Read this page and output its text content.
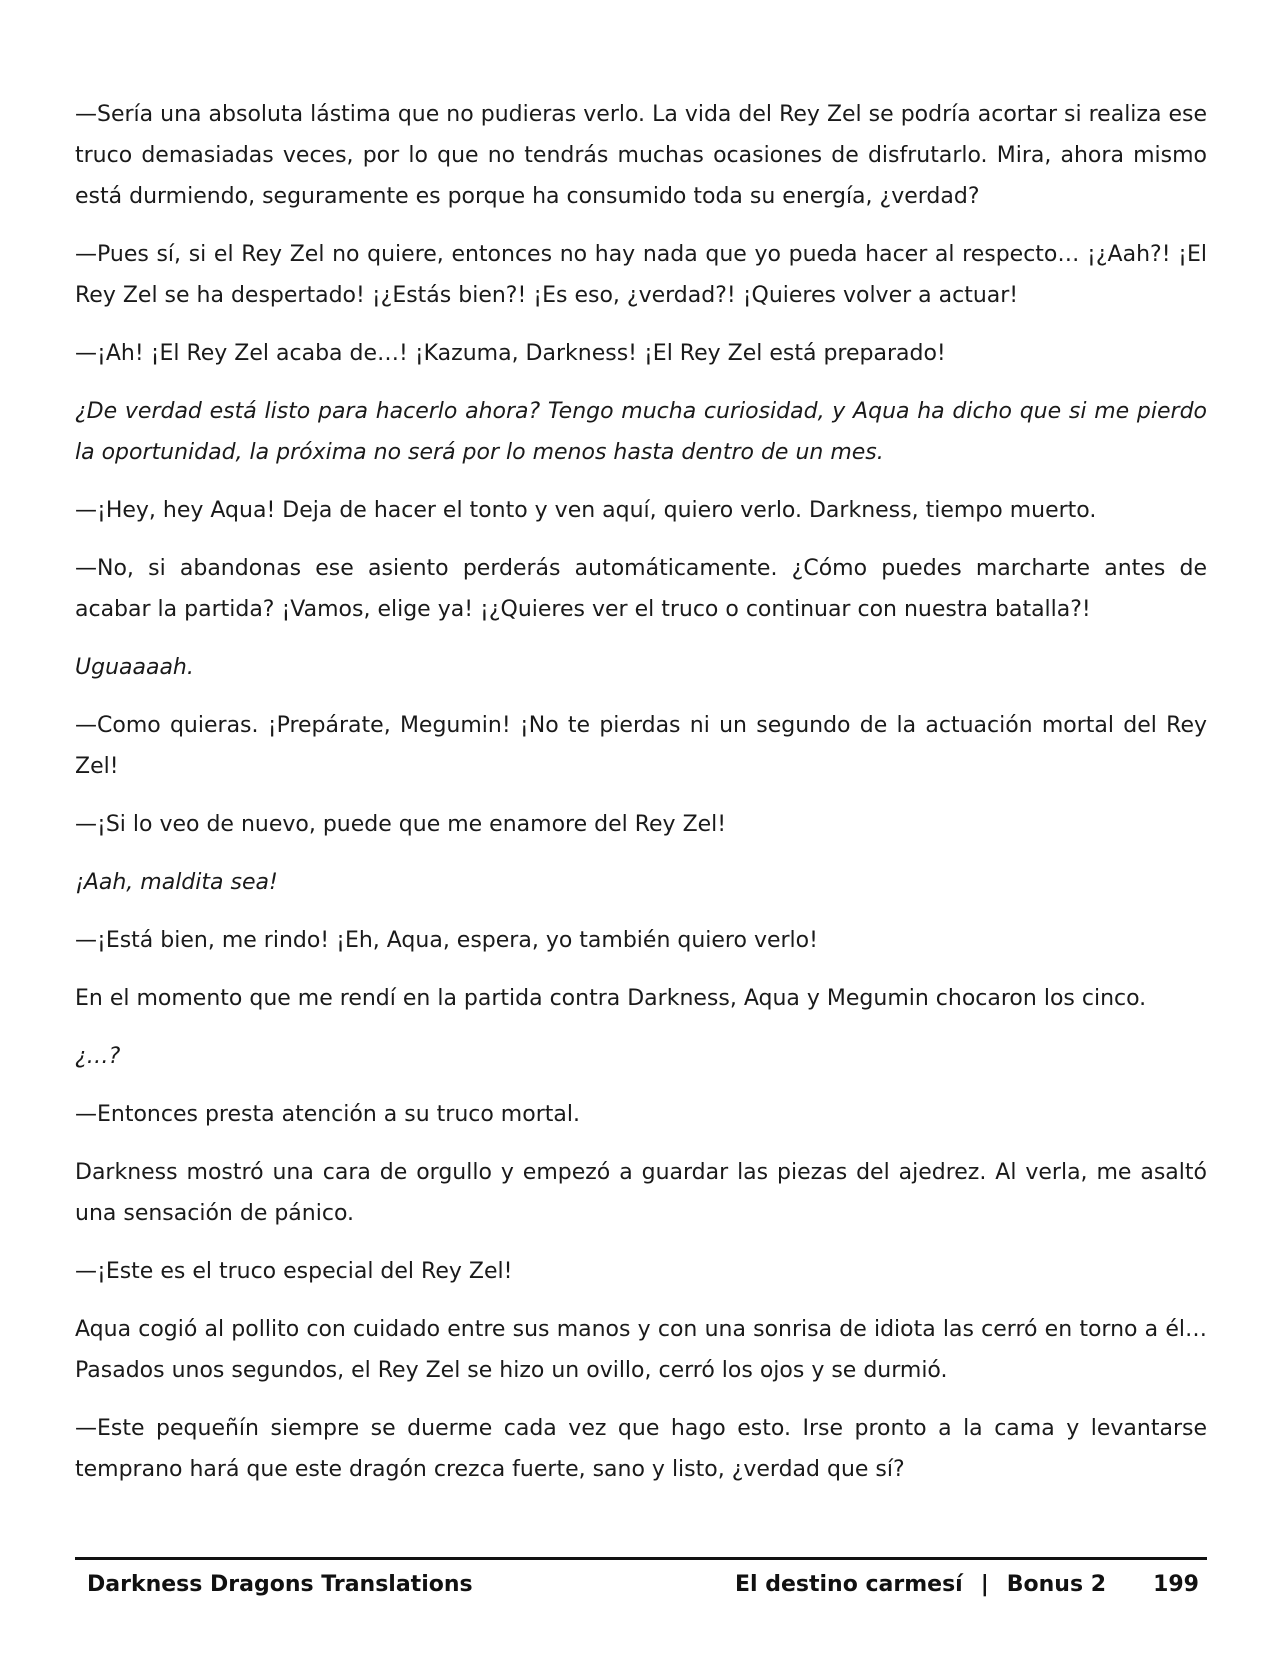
—Sería una absoluta lástima que no pudieras verlo. La vida del Rey Zel se podría acortar si realiza ese truco demasiadas veces, por lo que no tendrás muchas ocasiones de disfrutarlo. Mira, ahora mismo está durmiendo, seguramente es porque ha consumido toda su energía, ¿verdad?

—Pues sí, si el Rey Zel no quiere, entonces no hay nada que yo pueda hacer al respecto… ¡¿Aah?! ¡El Rey Zel se ha despertado! ¡¿Estás bien?! ¡Es eso, ¿verdad?! ¡Quieres volver a actuar!

—¡Ah! ¡El Rey Zel acaba de…! ¡Kazuma, Darkness! ¡El Rey Zel está preparado!

¿De verdad está listo para hacerlo ahora? Tengo mucha curiosidad, y Aqua ha dicho que si me pierdo la oportunidad, la próxima no será por lo menos hasta dentro de un mes.

—¡Hey, hey Aqua! Deja de hacer el tonto y ven aquí, quiero verlo. Darkness, tiempo muerto.

—No, si abandonas ese asiento perderás automáticamente. ¿Cómo puedes marcharte antes de acabar la partida? ¡Vamos, elige ya! ¡¿Quieres ver el truco o continuar con nuestra batalla?!

Uguaaaah.

—Como quieras. ¡Prepárate, Megumin! ¡No te pierdas ni un segundo de la actuación mortal del Rey Zel!

—¡Si lo veo de nuevo, puede que me enamore del Rey Zel!

¡Aah, maldita sea!

—¡Está bien, me rindo! ¡Eh, Aqua, espera, yo también quiero verlo!

En el momento que me rendí en la partida contra Darkness, Aqua y Megumin chocaron los cinco.

¿…?

—Entonces presta atención a su truco mortal.

Darkness mostró una cara de orgullo y empezó a guardar las piezas del ajedrez. Al verla, me asaltó una sensación de pánico.

—¡Este es el truco especial del Rey Zel!

Aqua cogió al pollito con cuidado entre sus manos y con una sonrisa de idiota las cerró en torno a él… Pasados unos segundos, el Rey Zel se hizo un ovillo, cerró los ojos y se durmió.

—Este pequeñín siempre se duerme cada vez que hago esto. Irse pronto a la cama y levantarse temprano hará que este dragón crezca fuerte, sano y listo, ¿verdad que sí?

Darkness Dragons Translations	El destino carmesí | Bonus 2 199
